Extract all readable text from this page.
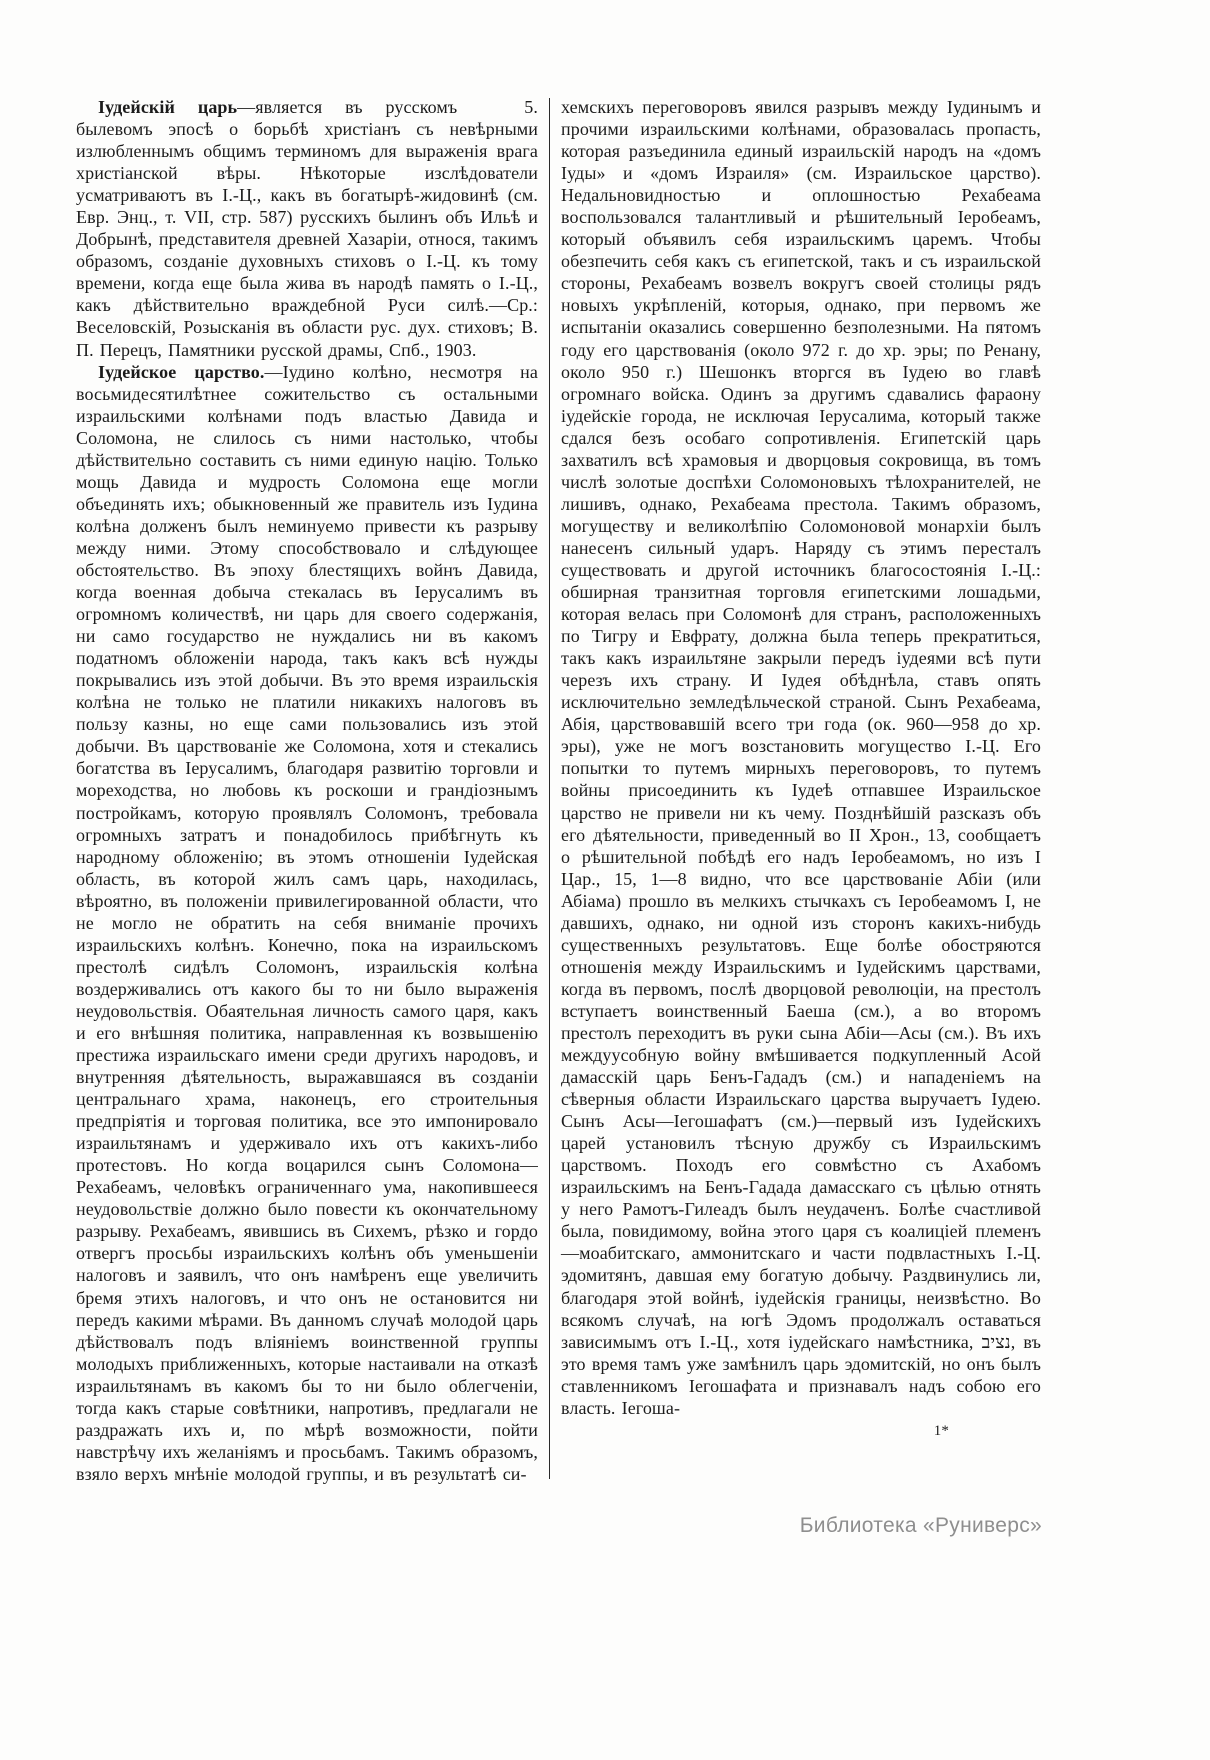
Іудейскій царь	5.
—является въ русскомъ былевомъ эпосѣ о борьбѣ христіанъ съ невѣрными излюбленнымъ общимъ терминомъ для выраженія врага христіанской вѣры. Нѣкоторые изслѣдователи усматриваютъ въ І.-Ц., какъ въ богатырѣ-жидовинѣ (см. Евр. Энц., т. VII, стр. 587) русскихъ былинъ объ Ильѣ и Добрынѣ, представителя древней Хазаріи, относя, такимъ образомъ, созданіе духовныхъ стиховъ о І.-Ц. къ тому времени, когда еще была жива въ народѣ память о І.-Ц., какъ дѣйствительно враждебной Руси силѣ.—Ср.: Веселовскій, Розысканія въ области рус. дух. стиховъ; В. П. Перецъ, Памятники русской драмы, Спб., 1903.

Іудейское царство.—Іудино колѣно, несмотря на восьмидесятилѣтнее сожительство съ остальными израильскими колѣнами подъ властью Давида и Соломона, не слилось съ ними настолько, чтобы дѣйствительно составить съ ними единую націю. Только мощь Давида и мудрость Соломона еще могли объединять ихъ; обыкновенный же правитель изъ Іудина колѣна долженъ былъ неминуемо привести къ разрыву между ними. Этому способствовало и слѣдующее обстоятельство. Въ эпоху блестящихъ войнъ Давида, когда военная добыча стекалась въ Іерусалимъ въ огромномъ количествѣ, ни царь для своего содержанія, ни само государство не нуждались ни въ какомъ податномъ обложеніи народа, такъ какъ всѣ нужды покрывались изъ этой добычи. Въ это время израильскія колѣна не только не платили никакихъ налоговъ въ пользу казны, но еще сами пользовались изъ этой добычи. Въ царствованіе же Соломона, хотя и стекались богатства въ Іерусалимъ, благодаря развитію торговли и мореходства, но любовь къ роскоши и грандіознымъ постройкамъ, которую проявлялъ Соломонъ, требовала огромныхъ затратъ и понадобилось прибѣгнуть къ народному обложенію; въ этомъ отношеніи Іудейская область, въ которой жилъ самъ царь, находилась, вѣроятно, въ положеніи привилегированной области, что не могло не обратить на себя вниманіе прочихъ израильскихъ колѣнъ. Конечно, пока на израильскомъ престолѣ сидѣлъ Соломонъ, израильскія колѣна воздерживались отъ какого бы то ни было выраженія неудовольствія. Обаятельная личность самого царя, какъ и его внѣшняя политика, направленная къ возвышенію престижа израильскаго имени среди другихъ народовъ, и внутренняя дѣятельность, выражавшаяся въ созданіи центральнаго храма, наконецъ, его строительныя предпріятія и торговая политика, все это импонировало израильтянамъ и удерживало ихъ отъ какихъ-либо протестовъ. Но когда воцарился сынъ Соломона—Рехабеамъ, человѣкъ ограниченнаго ума, накопившееся неудовольствіе должно было повести къ окончательному разрыву. Рехабеамъ, явившись въ Сихемъ, рѣзко и гордо отвергъ просьбы израильскихъ колѣнъ объ уменьшеніи налоговъ и заявилъ, что онъ намѣренъ еще увеличить бремя этихъ налоговъ, и что онъ не остановится ни передъ какими мѣрами. Въ данномъ случаѣ молодой царь дѣйствовалъ подъ вліяніемъ воинственной группы молодыхъ приближенныхъ, которые настаивали на отказѣ израильтянамъ въ какомъ бы то ни было облегченіи, тогда какъ старые совѣтники, напротивъ, предлагали не раздражать ихъ и, по мѣрѣ возможности, пойти навстрѣчу ихъ желаніямъ и просьбамъ. Такимъ образомъ, взяло верхъ мнѣніе молодой группы, и въ результатѣ си-

хемскихъ переговоровъ явился разрывъ между Іудинымъ и прочими израильскими колѣнами, образовалась пропасть, которая разъединила единый израильскій народъ на «домъ Іуды» и «домъ Израиля» (см. Израильское царство). Недальновидностью и оплошностью Рехабеама воспользовался талантливый и рѣшительный Іеробеамъ, который объявилъ себя израильскимъ царемъ. Чтобы обезпечить себя какъ съ египетской, такъ и съ израильской стороны, Рехабеамъ возвелъ вокругъ своей столицы рядъ новыхъ укрѣпленій, которыя, однако, при первомъ же испытаніи оказались совершенно безполезными. На пятомъ году его царствованія (около 972 г. до хр. эры; по Ренану, около 950 г.) Шешонкъ вторгся въ Іудею во главѣ огромнаго войска. Одинъ за другимъ сдавались фараону іудейскіе города, не исключая Іерусалима, который также сдался безъ особаго сопротивленія. Египетскій царь захватилъ всѣ храмовыя и дворцовыя сокровища, въ томъ числѣ золотые доспѣхи Соломоновыхъ тѣлохранителей, не лишивъ, однако, Рехабеама престола. Такимъ образомъ, могуществу и великолѣпію Соломоновой монархіи былъ нанесенъ сильный ударъ. Наряду съ этимъ пересталъ существовать и другой источникъ благосостоянія І.-Ц.: обширная транзитная торговля египетскими лошадьми, которая велась при Соломонѣ для странъ, расположенныхъ по Тигру и Евфрату, должна была теперь прекратиться, такъ какъ израильтяне закрыли передъ іудеями всѣ пути черезъ ихъ страну. И Іудея обѣднѣла, ставъ опять исключительно земледѣльческой страной. Сынъ Рехабеама, Абія, царствовавшій всего три года (ок. 960—958 до хр. эры), уже не могъ возстановить могущество І.-Ц. Его попытки то путемъ мирныхъ переговоровъ, то путемъ войны присоединить къ Іудеѣ отпавшее Израильское царство не привели ни къ чему. Позднѣйшій разсказъ объ его дѣятельности, приведенный во II Хрон., 13, сообщаетъ о рѣшительной побѣдѣ его надъ Іеробеамомъ, но изъ I Цар., 15, 1—8 видно, что все царствованіе Абіи (или Абіама) прошло въ мелкихъ стычкахъ съ Іеробеамомъ I, не давшихъ, однако, ни одной изъ сторонъ какихъ-нибудь существенныхъ результатовъ. Еще болѣе обостряются отношенія между Израильскимъ и Іудейскимъ царствами, когда въ первомъ, послѣ дворцовой революціи, на престолъ вступаетъ воинственный Баеша (см.), а во второмъ престолъ переходитъ въ руки сына Абіи—Асы (см.). Въ ихъ междуусобную войну вмѣшивается подкупленный Асой дамасскій царь Бенъ-Гададъ (см.) и нападеніемъ на сѣверныя области Израильскаго царства выручаетъ Іудею. Сынъ Асы—Іегошафатъ (см.)—первый изъ Іудейскихъ царей установилъ тѣсную дружбу съ Израильскимъ царствомъ. Походъ его совмѣстно съ Ахабомъ израильскимъ на Бенъ-Гадада дамасскаго съ цѣлью отнять у него Рамотъ-Гилеадъ былъ неудаченъ. Болѣе счастливой была, повидимому, война этого царя съ коалиціей племенъ—моабитскаго, аммонитскаго и части подвластныхъ І.-Ц. эдомитянъ, давшая ему богатую добычу. Раздвинулись ли, благодаря этой войнѣ, іудейскія границы, неизвѣстно. Во всякомъ случаѣ, на югѣ Эдомъ продолжалъ оставаться зависимымъ отъ І.-Ц., хотя іудейскаго намѣстника, נציב, въ это время тамъ уже замѣнилъ царь эдомитскій, но онъ былъ ставленникомъ Іегошафата и признавалъ надъ собою его власть. Іегоша-

1*
Библиотека «Руниверс»
